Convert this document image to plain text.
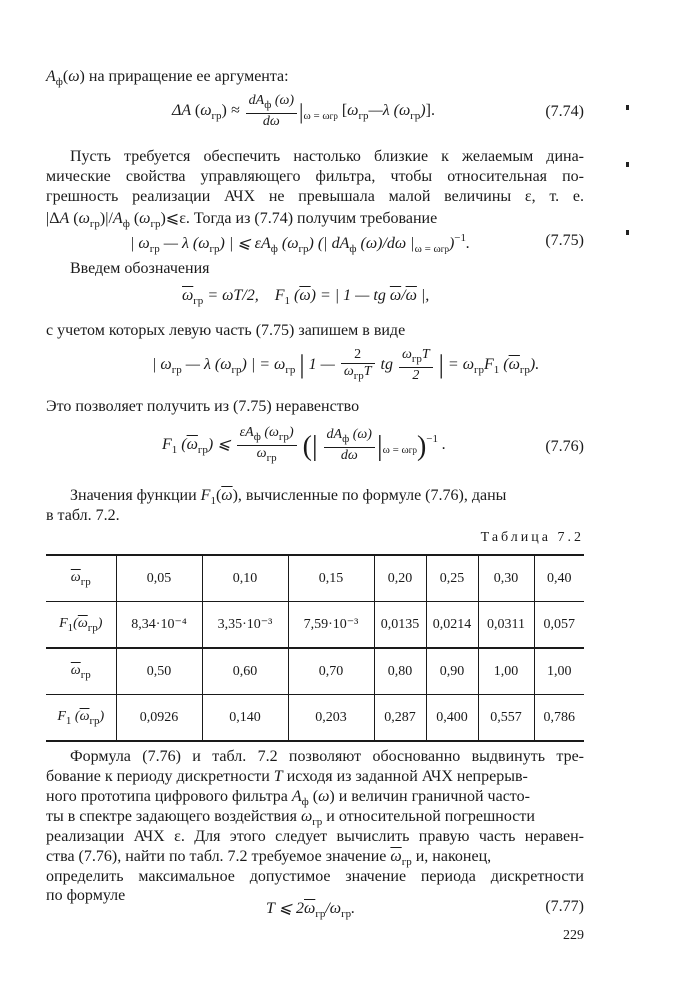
$A_ф(\omega)$ на приращение ее аргумента:
ΔA $(\omega_{гр}) \approx \frac{dA_ф (\omega)}{d\omega} |_{\omega = \omega гр}$ [$\omega_{гр}—\lambda$ $(\omega_{гр})$].	(7.74)
Пусть требуется обеспечить настолько близкие к желаемым дина-
мические свойства управляющего фильтра, чтобы относительная по-
грешность реализации АЧХ не превышала малой величины ε, т. е.
|ΔA $(\omega_{гр})|/A_ф$ $(\omega_{гр})⩽\varepsilon$. Тогда из (7.74) получим требование
| $\omega_{гр}$ — λ $(\omega_{гр})$ | ⩽ $\varepsilon A_ф$ $(\omega_{гр})$ (| $dA_ф$ (ω)/dω $|_{\omega = \omega гр})^{-1}$.	(7.75)
Введем обозначения
$\overline{\omega}_{гр} = \omega T/2$,    $F_1$ $(\overline{\omega})$ = | 1 — tg $\overline{\omega}/\overline{\omega}$ |,
с учетом которых левую часть (7.75) запишем в виде
| $\omega_{гр}$ — λ $(\omega_{гр})$ | = $\omega_{гр}$ | 1 — $\frac{2}{\omega_{гр}T}$ tg $\frac{\omega_{гр}T}{2}$ | = $\omega_{гр}F_1$ $(\overline{\omega}_{гр})$.
Это позволяет получить из (7.75) неравенство
$F_1$ $(\overline{\omega}_{гр})$ ⩽ $\frac{\varepsilon A_ф (\omega_{гр})}{\omega_{гр}}$ (| $\frac{dA_ф (\omega)}{d\omega} |_{\omega = \omega гр})^{-1}$ .	(7.76)
Значения функции $F_1(\overline{\omega})$, вычисленные по формуле (7.76), даны
в табл. 7.2.
Таблица 7.2
$\overline{\omega}_{гр}$	0,05	0,10	0,15	0,20	0,25	0,30	0,40
$F_1(\overline{\omega}_{гр})$	8,34·10⁻⁴	3,35·10⁻³	7,59·10⁻³	0,0135	0,0214	0,0311	0,057
$\overline{\omega}_{гр}$	0,50	0,60	0,70	0,80	0,90	1,00	1,00
$F_1$ $(\overline{\omega}_{гр})$	0,0926	0,140	0,203	0,287	0,400	0,557	0,786
Формула (7.76) и табл. 7.2 позволяют обоснованно выдвинуть тре-
бование к периоду дискретности T исходя из заданной АЧХ непрерыв-
ного прототипа цифрового фильтра $A_ф$ (ω) и величин граничной часто-
ты в спектре задающего воздействия $\omega_{гр}$ и относительной погрешности
реализации АЧХ ε. Для этого следует вычислить правую часть неравен-
ства (7.76), найти по табл. 7.2 требуемое значение $\overline{\omega}_{гр}$ и, наконец,
определить максимальное допустимое значение периода дискретности
по формуле
T ⩽ $2\overline{\omega}_{гр}/\omega_{гр}$.	(7.77)
229
